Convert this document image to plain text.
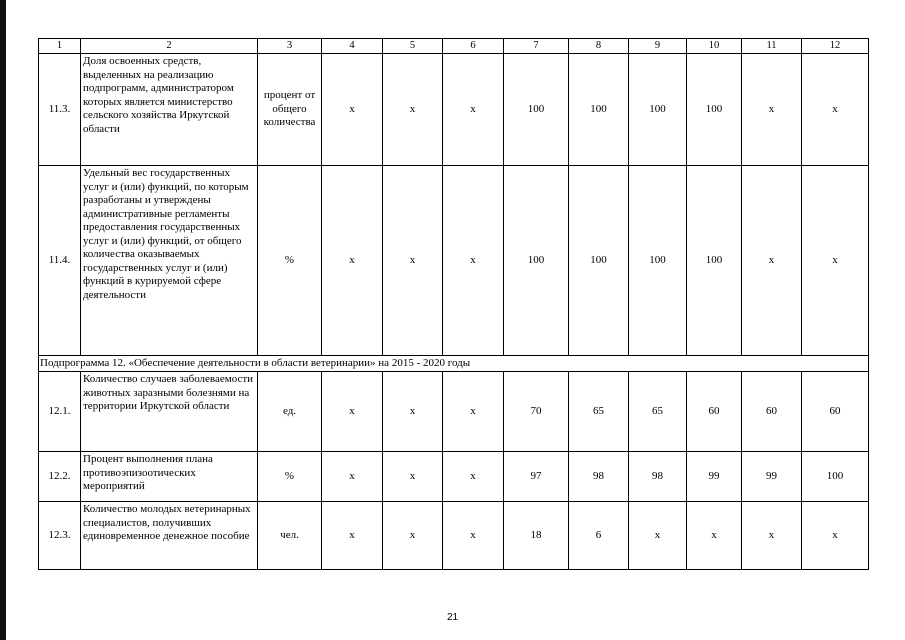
1	2	3	4	5	6	7	8	9	10	11	12
11.3.	Доля освоенных средств, выделенных на реализацию подпрограмм, администратором которых является министерство сельского хозяйства Иркутской области	процент от общего количества	х	х	х	100	100	100	100	х	х
11.4.	Удельный вес государственных услуг и (или) функций, по которым разработаны и утверждены административные регламенты предоставления государственных услуг и (или) функций, от общего количества оказываемых государственных услуг и (или) функций в курируемой сфере деятельности	%	х	х	х	100	100	100	100	х	х
Подпрограмма 12. «Обеспечение деятельности в области ветеринарии» на 2015 - 2020 годы											
12.1.	Количество случаев заболеваемости животных заразными болезнями на территории Иркутской области	ед.	х	х	х	70	65	65	60	60	60
12.2.	Процент выполнения плана противоэпизоотических мероприятий	%	х	х	х	97	98	98	99	99	100
12.3.	Количество молодых ветеринарных специалистов, получивших единовременное денежное пособие	чел.	х	х	х	18	6	х	х	х	х
21
